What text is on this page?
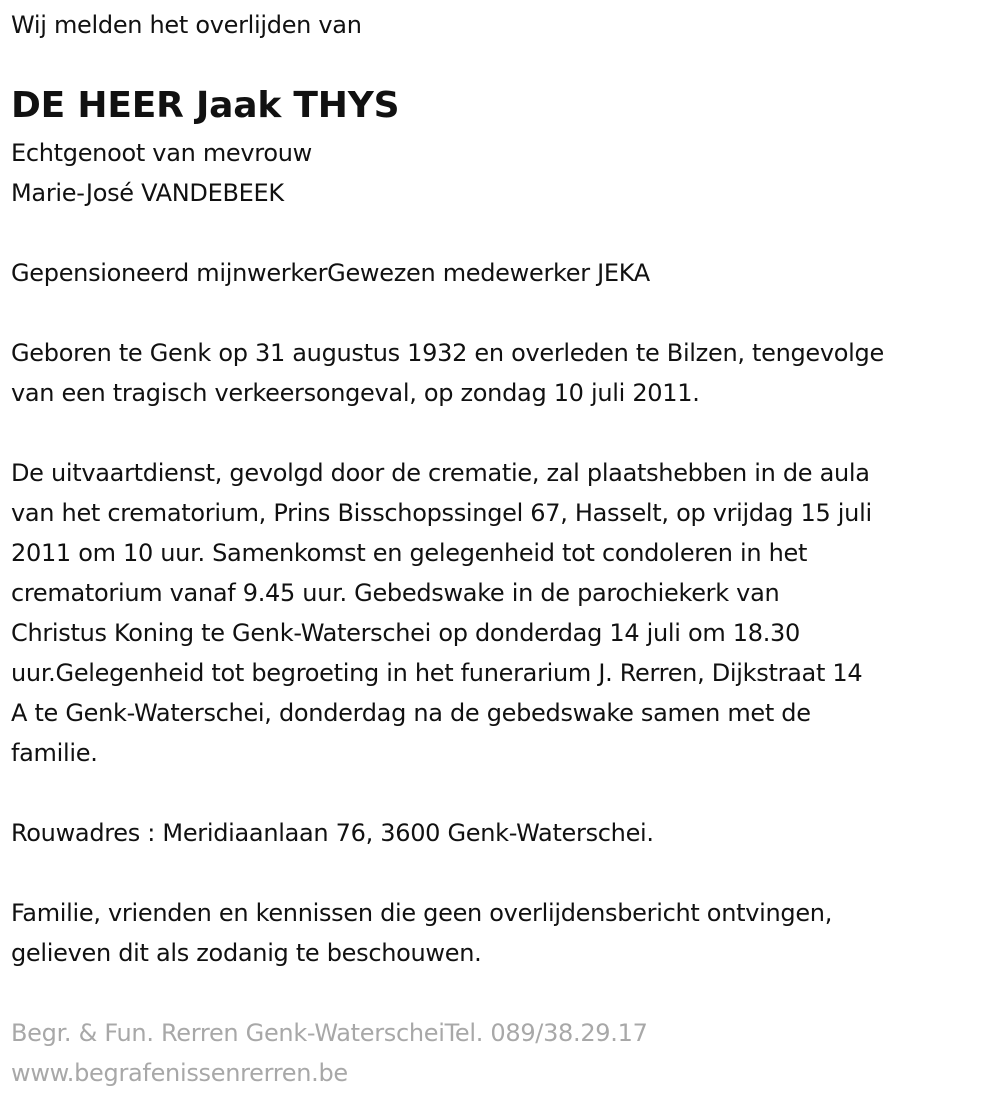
Wij melden het overlijden van
DE HEER Jaak THYS
Echtgenoot van mevrouw
Marie-José VANDEBEEK
Gepensioneerd mijnwerkerGewezen medewerker JEKA
Geboren te Genk op 31 augustus 1932 en overleden te Bilzen, tengevolge
van een tragisch verkeersongeval, op zondag 10 juli 2011.
De uitvaartdienst, gevolgd door de crematie, zal plaatshebben in de aula
van het crematorium, Prins Bisschopssingel 67, Hasselt, op vrijdag 15 juli
2011 om 10 uur. Samenkomst en gelegenheid tot condoleren in het
crematorium vanaf 9.45 uur. Gebedswake in de parochiekerk van
Christus Koning te Genk-Waterschei op donderdag 14 juli om 18.30
uur.Gelegenheid tot begroeting in het funerarium J. Rerren, Dijkstraat 14
A te Genk-Waterschei, donderdag na de gebedswake samen met de
familie.
Rouwadres : Meridiaanlaan 76, 3600 Genk-Waterschei.
Familie, vrienden en kennissen die geen overlijdensbericht ontvingen,
gelieven dit als zodanig te beschouwen.
Begr. & Fun. Rerren Genk-WaterscheiTel. 089/38.29.17
www.begrafenissenrerren.be
